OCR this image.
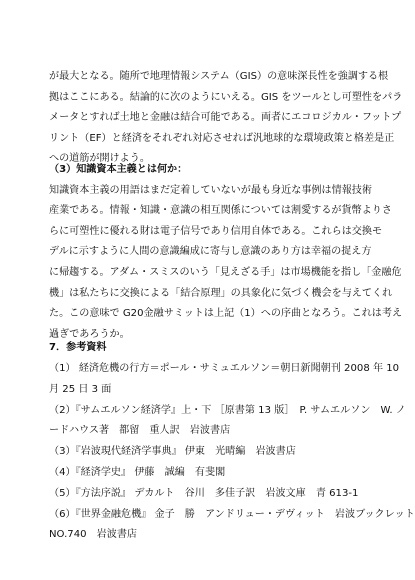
が最大となる。随所で地理情報システム（GIS）の意味深長性を強調する根
拠はここにある。結論的に次のようにいえる。GIS をツールとし可塑性をパラ
メータとすれば土地と金融は結合可能である。両者にエコロジカル・フットプ
リント（EF）と経済をそれぞれ対応させれば汎地球的な環境政策と格差是正
への道筋が開けよう。
（3）知識資本主義とは何か：
知識資本主義の用語はまだ定着していないが最も身近な事例は情報技術
産業である。情報・知識・意識の相互関係については割愛するが貨幣よりさ
らに可塑性に優れる財は電子信号であり信用自体である。これらは交換モ
デルに示すように人間の意識編成に寄与し意識のあり方は幸福の捉え方
に帰趨する。アダム・スミスのいう「見えざる手」は市場機能を指し「金融危
機」は私たちに交換による「結合原理」の具象化に気づく機会を与えてくれ
た。この意味で G20金融サミットは上記（1）への序曲となろう。これは考え
過ぎであろうか。
7．参考資料
（1） 経済危機の行方＝ポール・サミュエルソン＝朝日新聞朝刊 2008 年 10
月 25 日 3 面
（2）『サムエルソン経済学』上・下 ［原書第 13 版］　P. サムエルソン　W. ノ
ードハウス著　都留　重人訳　岩波書店
（3）『岩波現代経済学事典』 伊東　光晴編　岩波書店
（4）『経済学史』 伊藤　誠編　有斐閣
（5）『方法序説』 デカルト　谷川　多佳子訳　岩波文庫　青 613-1
（6）『世界金融危機』 金子　勝　アンドリュー・デヴィット　岩波ブックレット
NO.740　岩波書店
